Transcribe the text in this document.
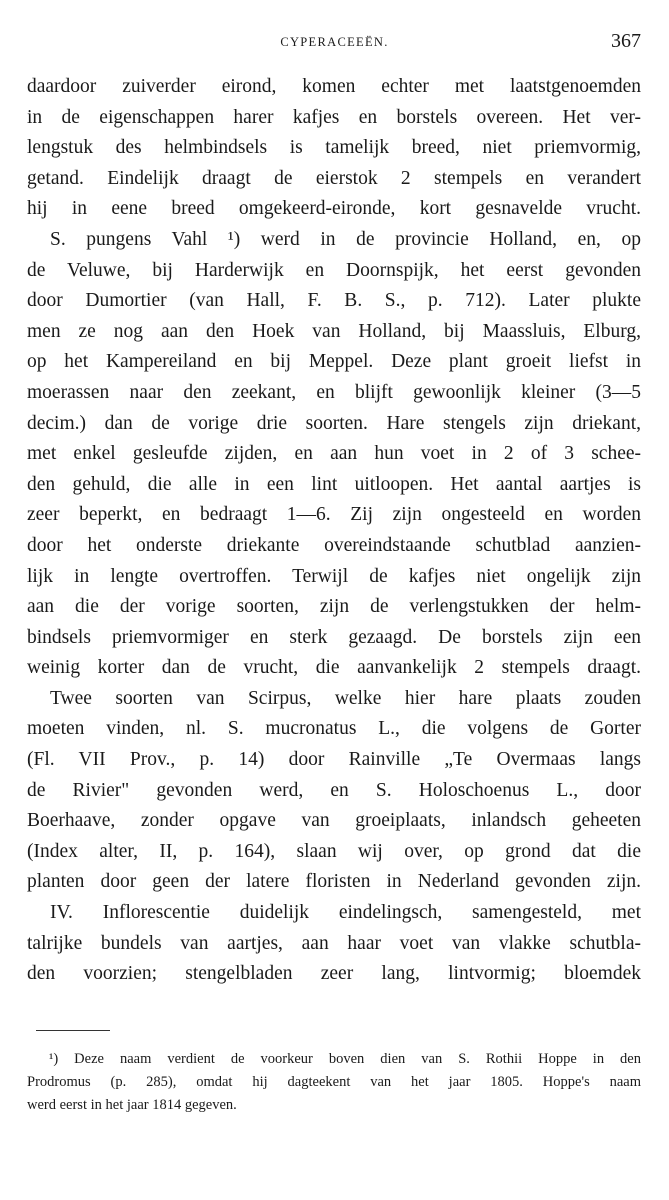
CYPERACEEËN.	367
daardoor zuiverder eirond, komen echter met laatstgenoemden
in de eigenschappen harer kafjes en borstels overeen. Het ver-
lengstuk des helmbindsels is tamelijk breed, niet priemvormig,
getand. Eindelijk draagt de eierstok 2 stempels en verandert
hij in eene breed omgekeerd-eironde, kort gesnavelde vrucht.
S. pungens Vahl ¹) werd in de provincie Holland, en, op
de Veluwe, bij Harderwijk en Doornspijk, het eerst gevonden
door Dumortier (van Hall, F. B. S., p. 712). Later plukte
men ze nog aan den Hoek van Holland, bij Maassluis, Elburg,
op het Kampereiland en bij Meppel. Deze plant groeit liefst in
moerassen naar den zeekant, en blijft gewoonlijk kleiner (3—5
decim.) dan de vorige drie soorten. Hare stengels zijn driekant,
met enkel gesleufde zijden, en aan hun voet in 2 of 3 schee-
den gehuld, die alle in een lint uitloopen. Het aantal aartjes is
zeer beperkt, en bedraagt 1—6. Zij zijn ongesteeld en worden
door het onderste driekante overeindstaande schutblad aanzien-
lijk in lengte overtroffen. Terwijl de kafjes niet ongelijk zijn
aan die der vorige soorten, zijn de verlengstukken der helm-
bindsels priemvormiger en sterk gezaagd. De borstels zijn een
weinig korter dan de vrucht, die aanvankelijk 2 stempels draagt.
Twee soorten van Scirpus, welke hier hare plaats zouden
moeten vinden, nl. S. mucronatus L., die volgens de Gorter
(Fl. VII Prov., p. 14) door Rainville „Te Overmaas langs
de Rivier" gevonden werd, en S. Holoschoenus L., door
Boerhaave, zonder opgave van groeiplaats, inlandsch geheeten
(Index alter, II, p. 164), slaan wij over, op grond dat die
planten door geen der latere floristen in Nederland gevonden zijn.
IV. Inflorescentie duidelijk eindelingsch, samengesteld, met
talrijke bundels van aartjes, aan haar voet van vlakke schutbla-
den voorzien; stengelbladen zeer lang, lintvormig; bloemdek
¹) Deze naam verdient de voorkeur boven dien van S. Rothii Hoppe in den
Prodromus (p. 285), omdat hij dagteekent van het jaar 1805. Hoppe's naam
werd eerst in het jaar 1814 gegeven.
